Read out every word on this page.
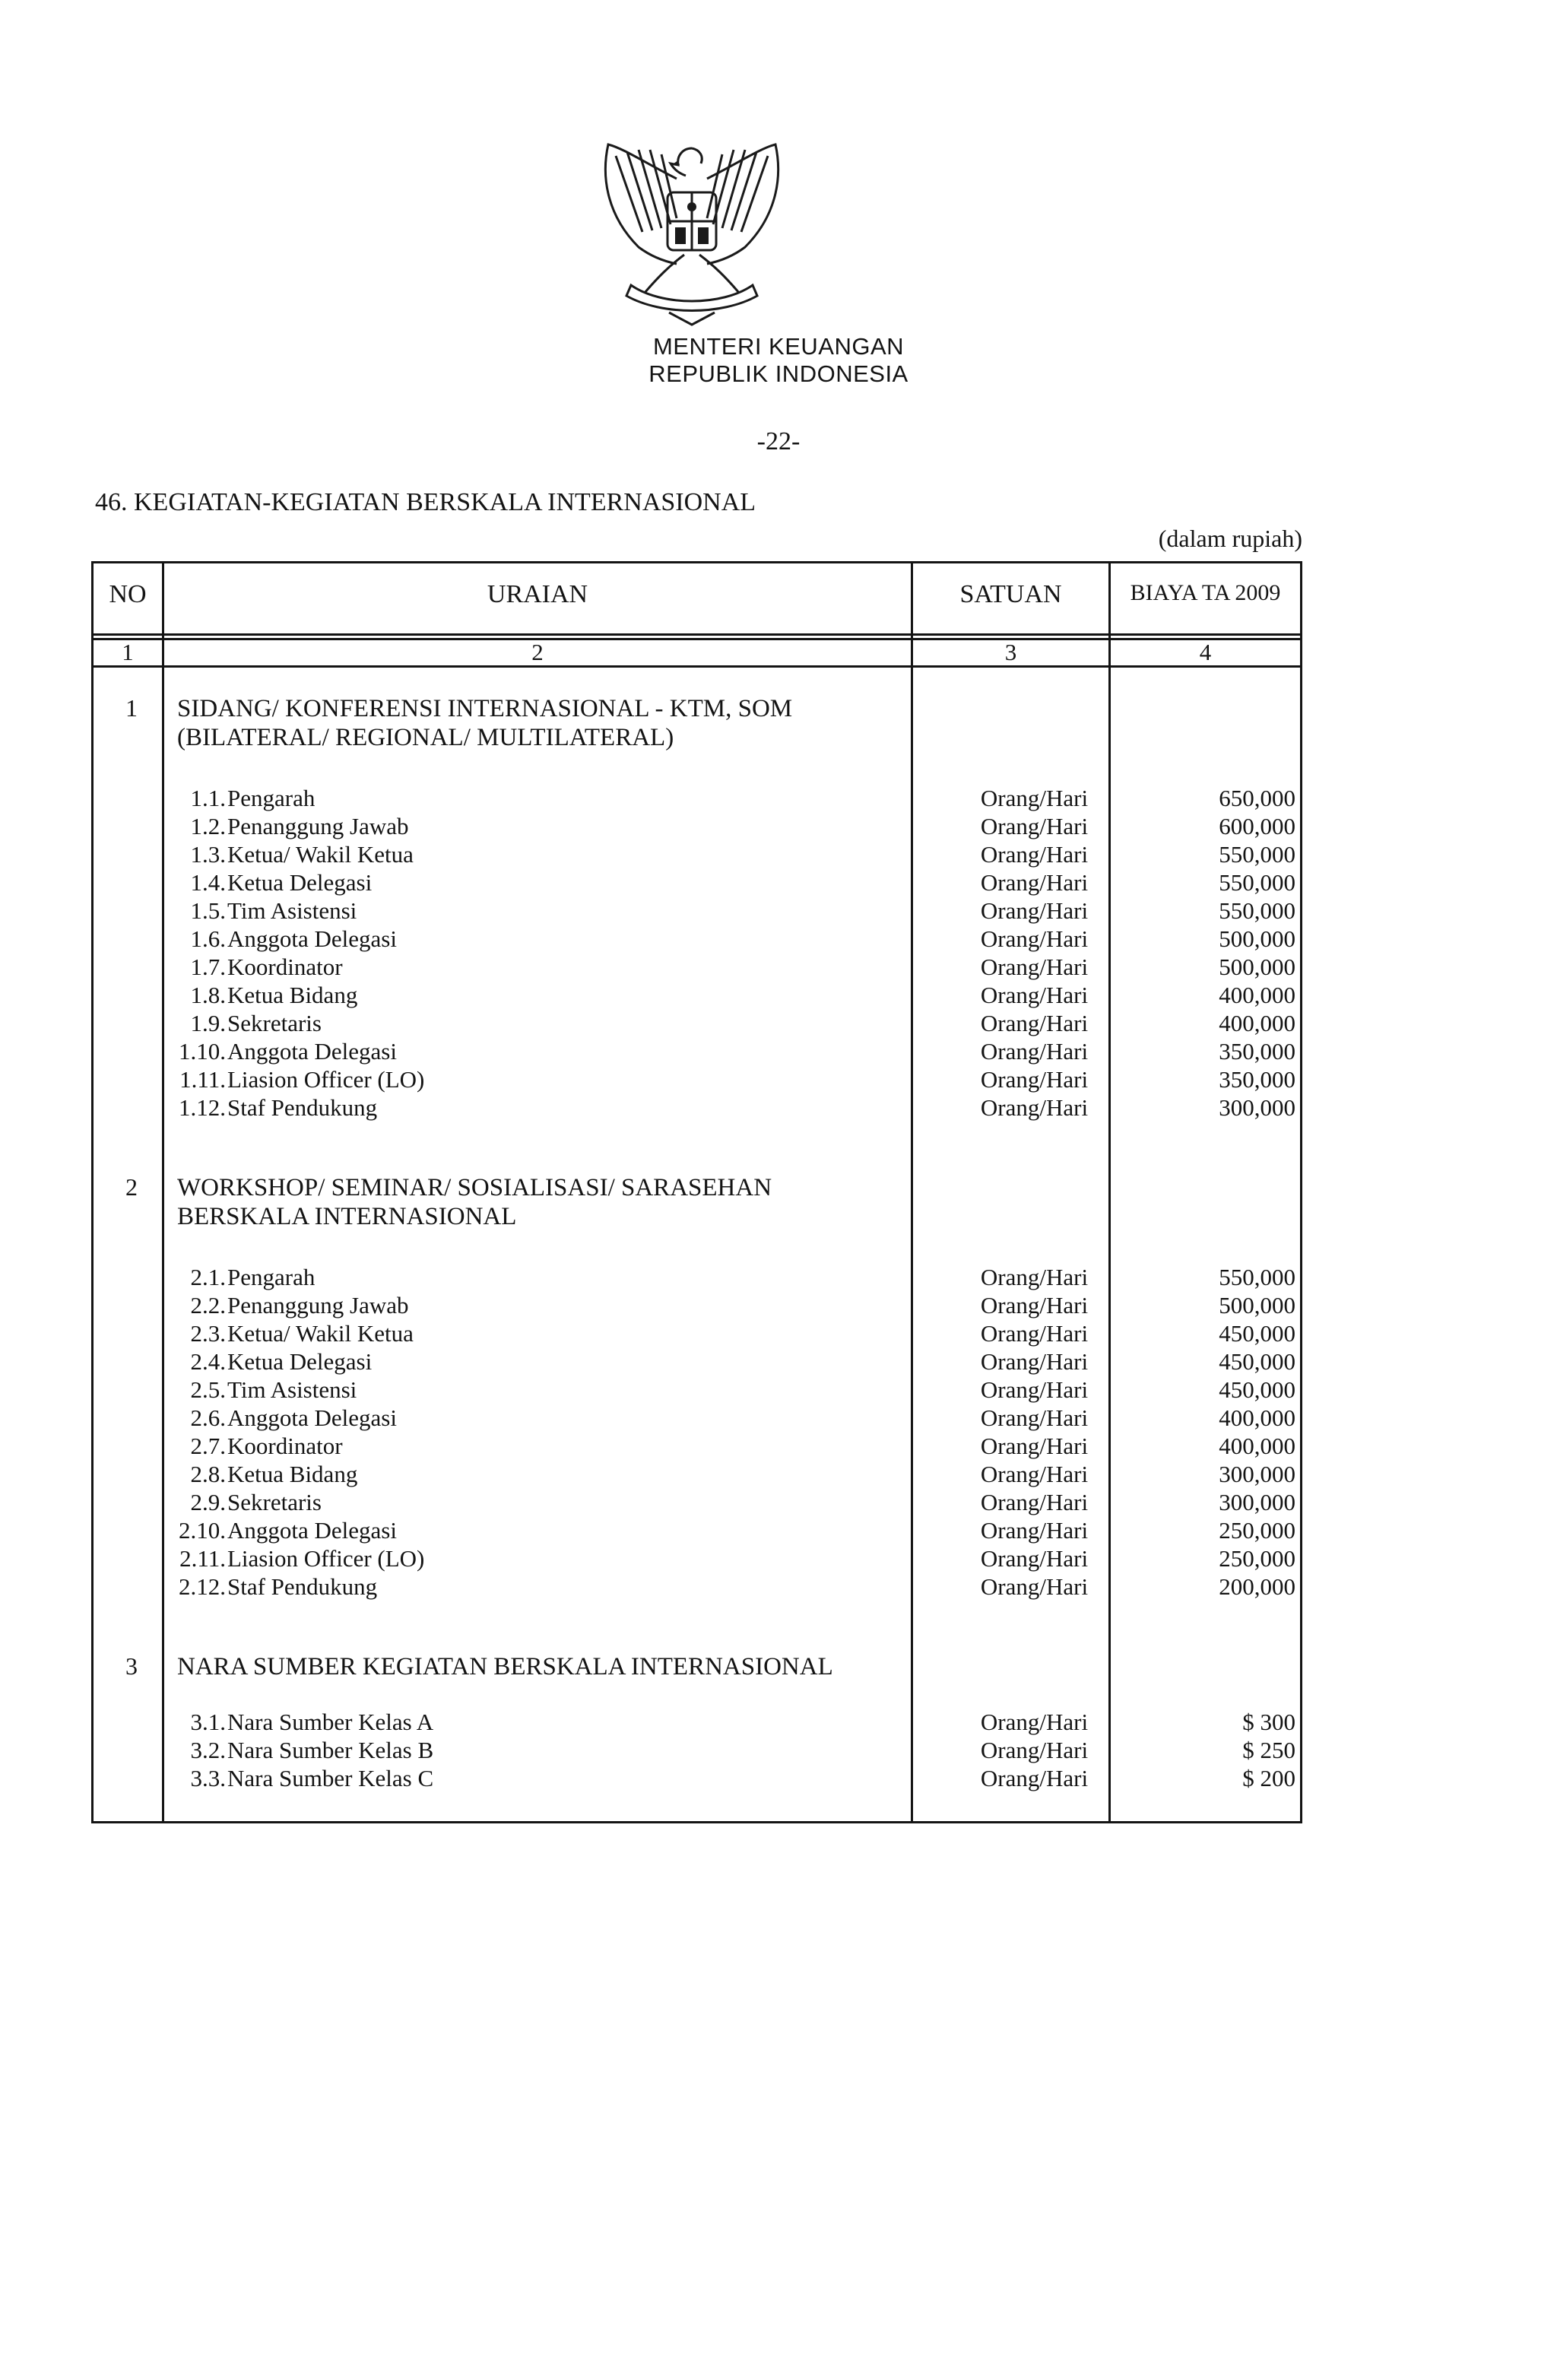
MENTERI KEUANGAN
REPUBLIK INDONESIA
-22-
46. KEGIATAN-KEGIATAN BERSKALA INTERNASIONAL
(dalam rupiah)
NO	URAIAN	SATUAN	BIAYA TA 2009
1	2	3	4
1	SIDANG/ KONFERENSI INTERNASIONAL - KTM, SOM
(BILATERAL/ REGIONAL/ MULTILATERAL)
1.1. Pengarah	Orang/Hari	650,000
1.2. Penanggung Jawab	Orang/Hari	600,000
1.3. Ketua/ Wakil Ketua	Orang/Hari	550,000
1.4. Ketua Delegasi	Orang/Hari	550,000
1.5. Tim Asistensi	Orang/Hari	550,000
1.6. Anggota Delegasi	Orang/Hari	500,000
1.7. Koordinator	Orang/Hari	500,000
1.8. Ketua Bidang	Orang/Hari	400,000
1.9. Sekretaris	Orang/Hari	400,000
1.10. Anggota Delegasi	Orang/Hari	350,000
1.11. Liasion Officer (LO)	Orang/Hari	350,000
1.12. Staf Pendukung	Orang/Hari	300,000
2	WORKSHOP/ SEMINAR/ SOSIALISASI/ SARASEHAN
BERSKALA INTERNASIONAL
2.1. Pengarah	Orang/Hari	550,000
2.2. Penanggung Jawab	Orang/Hari	500,000
2.3. Ketua/ Wakil Ketua	Orang/Hari	450,000
2.4. Ketua Delegasi	Orang/Hari	450,000
2.5. Tim Asistensi	Orang/Hari	450,000
2.6. Anggota Delegasi	Orang/Hari	400,000
2.7. Koordinator	Orang/Hari	400,000
2.8. Ketua Bidang	Orang/Hari	300,000
2.9. Sekretaris	Orang/Hari	300,000
2.10. Anggota Delegasi	Orang/Hari	250,000
2.11. Liasion Officer (LO)	Orang/Hari	250,000
2.12. Staf Pendukung	Orang/Hari	200,000
3	NARA SUMBER KEGIATAN BERSKALA INTERNASIONAL
3.1. Nara Sumber Kelas A	Orang/Hari	$ 300
3.2. Nara Sumber Kelas B	Orang/Hari	$ 250
3.3. Nara Sumber Kelas C	Orang/Hari	$ 200
